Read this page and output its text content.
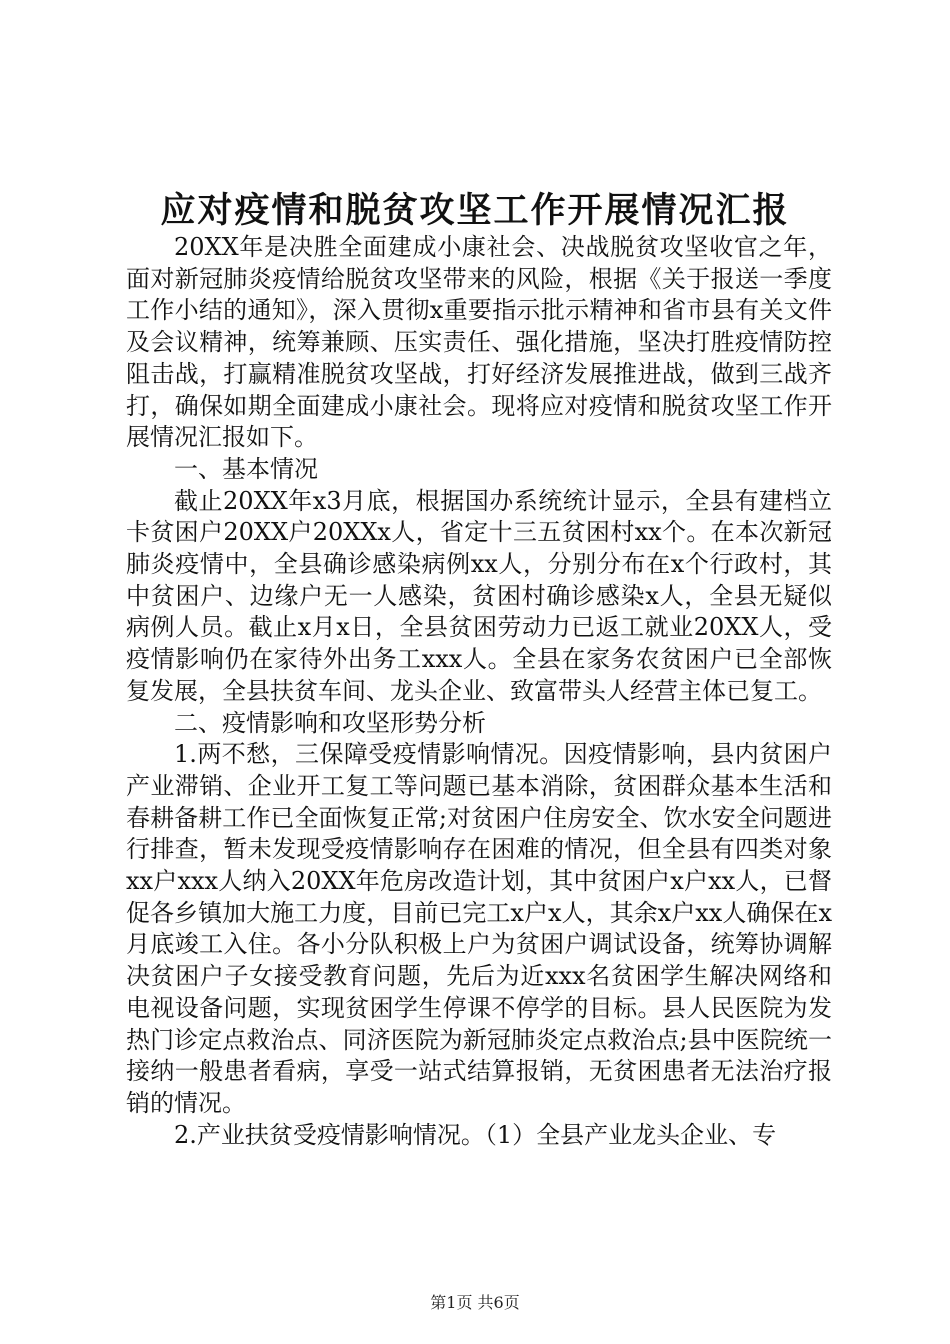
应对疫情和脱贫攻坚工作开展情况汇报

20XX年是决胜全面建成小康社会、决战脱贫攻坚收官之年，面对新冠肺炎疫情给脱贫攻坚带来的风险，根据《关于报送一季度工作小结的通知》，深入贯彻x重要指示批示精神和省市县有关文件及会议精神，统筹兼顾、压实责任、强化措施，坚决打胜疫情防控阻击战，打赢精准脱贫攻坚战，打好经济发展推进战，做到三战齐打，确保如期全面建成小康社会。现将应对疫情和脱贫攻坚工作开展情况汇报如下。

一、基本情况

截止20XX年x3月底，根据国办系统统计显示，全县有建档立卡贫困户20XX户20XXx人，省定十三五贫困村xx个。在本次新冠肺炎疫情中，全县确诊感染病例xx人，分别分布在x个行政村，其中贫困户、边缘户无一人感染，贫困村确诊感染x人，全县无疑似病例人员。截止x月x日，全县贫困劳动力已返工就业20XX人，受疫情影响仍在家待外出务工xxx人。全县在家务农贫困户已全部恢复发展，全县扶贫车间、龙头企业、致富带头人经营主体已复工。

二、疫情影响和攻坚形势分析

1.两不愁，三保障受疫情影响情况。因疫情影响，县内贫困户产业滞销、企业开工复工等问题已基本消除，贫困群众基本生活和春耕备耕工作已全面恢复正常;对贫困户住房安全、饮水安全问题进行排查，暂未发现受疫情影响存在困难的情况，但全县有四类对象xx户xxx人纳入20XX年危房改造计划，其中贫困户x户xx人，已督促各乡镇加大施工力度，目前已完工x户x人，其余x户xx人确保在x月底竣工入住。各小分队积极上户为贫困户调试设备，统筹协调解决贫困户子女接受教育问题，先后为近xxx名贫困学生解决网络和电视设备问题，实现贫困学生停课不停学的目标。县人民医院为发热门诊定点救治点、同济医院为新冠肺炎定点救治点;县中医院统一接纳一般患者看病，享受一站式结算报销，无贫困患者无法治疗报销的情况。

2.产业扶贫受疫情影响情况。（1）全县产业龙头企业、专

第1页 共6页
